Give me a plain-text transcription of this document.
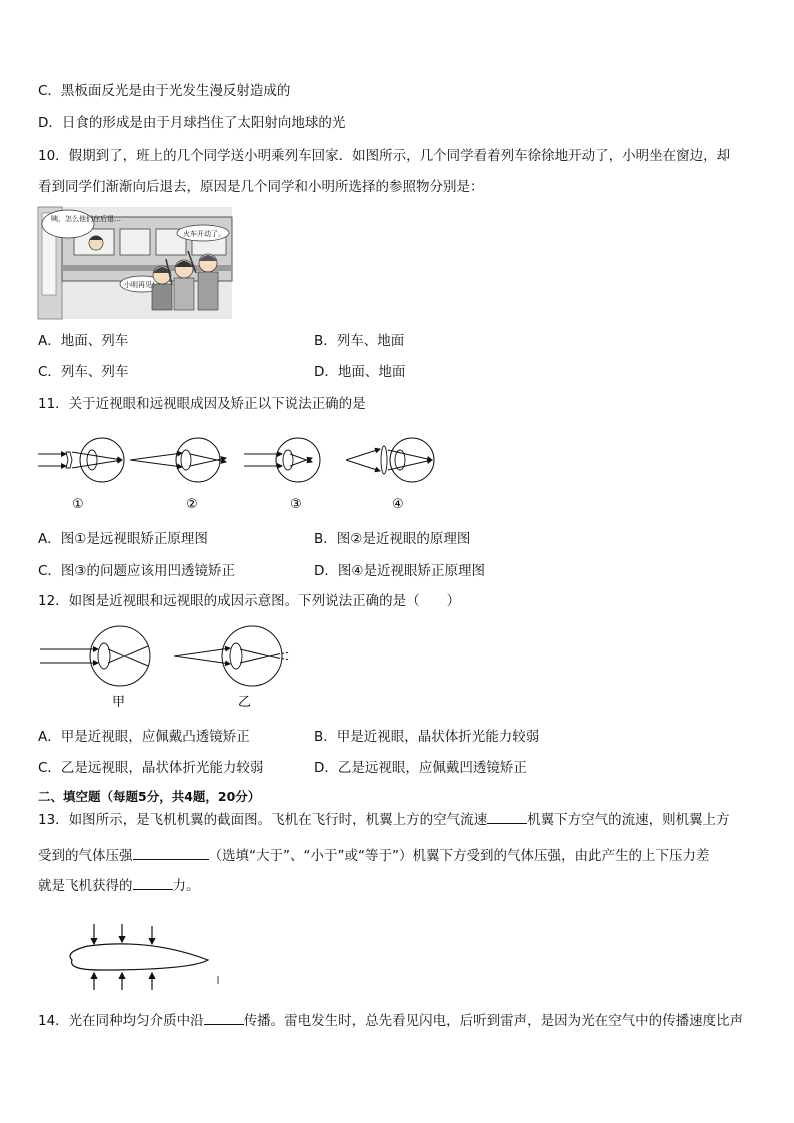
C．黑板面反光是由于光发生漫反射造成的
D．日食的形成是由于月球挡住了太阳射向地球的光
10．假期到了，班上的几个同学送小明乘列车回家．如图所示，几个同学看着列车徐徐地开动了，小明坐在窗边，却
看到同学们渐渐向后退去，原因是几个同学和小明所选择的参照物分别是：
咦，怎么他们在后退…
火车开动了。
小明再见！
A．地面、列车	B．列车、地面
C．列车、列车	D．地面、地面
11．关于近视眼和远视眼成因及矫正以下说法正确的是
①	②	③	④
A．图①是远视眼矫正原理图	B．图②是近视眼的原理图
C．图③的问题应该用凹透镜矫正	D．图④是近视眼矫正原理图
12．如图是近视眼和远视眼的成因示意图。下列说法正确的是（　　）
甲	乙
A．甲是近视眼，应佩戴凸透镜矫正	B．甲是近视眼，晶状体折光能力较弱
C．乙是远视眼，晶状体折光能力较弱	D．乙是远视眼，应佩戴凹透镜矫正
二、填空题（每题5分，共4题，20分）
13．如图所示，是飞机机翼的截面图。飞机在飞行时，机翼上方的空气流速	机翼下方空气的流速，则机翼上方
受到的气体压强	（选填“大于”、“小于”或“等于”）机翼下方受到的气体压强，由此产生的上下压力差
就是飞机获得的	力。
14．光在同种均匀介质中沿	传播。雷电发生时，总先看见闪电，后听到雷声，是因为光在空气中的传播速度比声
